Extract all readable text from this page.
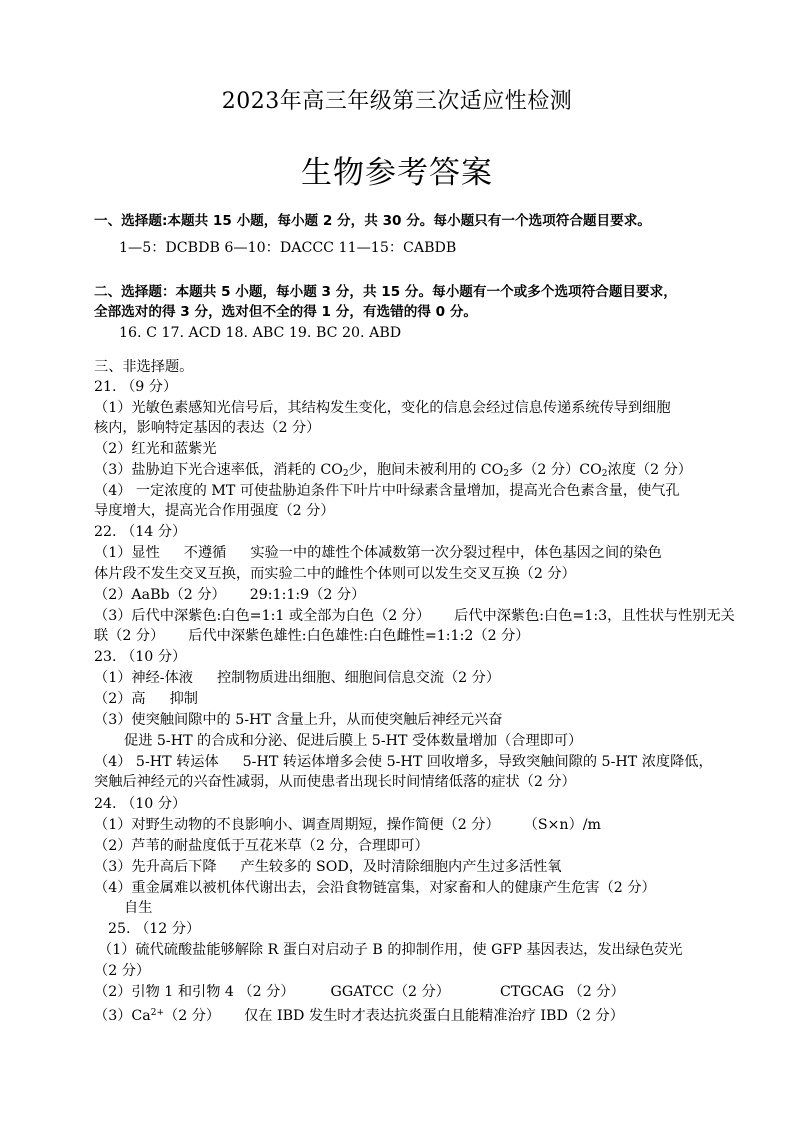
2023年高三年级第三次适应性检测
生物参考答案
一、选择题:本题共 15 小题，每小题 2 分，共 30 分。每小题只有一个选项符合题目要求。
1—5：DCBDB 6—10：DACCC 11—15：CABDB
二、选择题：本题共 5 小题，每小题 3 分，共 15 分。每小题有一个或多个选项符合题目要求，
全部选对的得 3 分，选对但不全的得 1 分，有选错的得 0 分。
16. C 17. ACD 18. ABC 19. BC 20. ABD
三、非选择题。
21. （9 分）
（1）光敏色素感知光信号后，其结构发生变化，变化的信息会经过信息传递系统传导到细胞
核内，影响特定基因的表达（2 分）
（2）红光和蓝紫光
（3）盐胁迫下光合速率低，消耗的 $CO_2$少，胞间未被利用的 $CO_2$多（2 分）$CO_2$浓度（2 分）
（4） 一定浓度的 MT 可使盐胁迫条件下叶片中叶绿素含量增加，提高光合色素含量，使气孔
导度增大，提高光合作用强度（2 分）
22. （14 分）
（1）显性 不遵循 实验一中的雄性个体减数第一次分裂过程中，体色基因之间的染色
体片段不发生交叉互换，而实验二中的雌性个体则可以发生交叉互换（2 分）
（2）AaBb（2 分） 29:1:1:9（2 分）
（3）后代中深紫色:白色=1:1 或全部为白色（2 分） 后代中深紫色:白色=1:3，且性状与性别无关
联（2 分） 后代中深紫色雄性:白色雄性:白色雌性=1:1:2（2 分）
23. （10 分）
（1）神经-体液 控制物质进出细胞、细胞间信息交流（2 分）
（2）高 抑制
（3）使突触间隙中的 5-HT 含量上升，从而使突触后神经元兴奋
促进 5-HT 的合成和分泌、促进后膜上 5-HT 受体数量增加（合理即可）
（4） 5-HT 转运体 5-HT 转运体增多会使 5-HT 回收增多，导致突触间隙的 5-HT 浓度降低，
突触后神经元的兴奋性减弱，从而使患者出现长时间情绪低落的症状（2 分）
24. （10 分）
（1）对野生动物的不良影响小、调查周期短，操作简便（2 分） （S×n）/m
（2）芦苇的耐盐度低于互花米草（2 分，合理即可）
（3）先升高后下降 产生较多的 SOD，及时清除细胞内产生过多活性氧
（4）重金属难以被机体代谢出去，会沿食物链富集，对家畜和人的健康产生危害（2 分）
自生
25. （12 分）
（1）硫代硫酸盐能够解除 R 蛋白对启动子 B 的抑制作用，使 GFP 基因表达，发出绿色荧光
（2 分）
（2）引物 1 和引物 4 （2 分）	GGATCC（2 分）	CTGCAG （2 分）
$(3)Ca^{2+}(2$ 分） 仅在 IBD 发生时才表达抗炎蛋白且能精准治疗 IBD（2 分）
